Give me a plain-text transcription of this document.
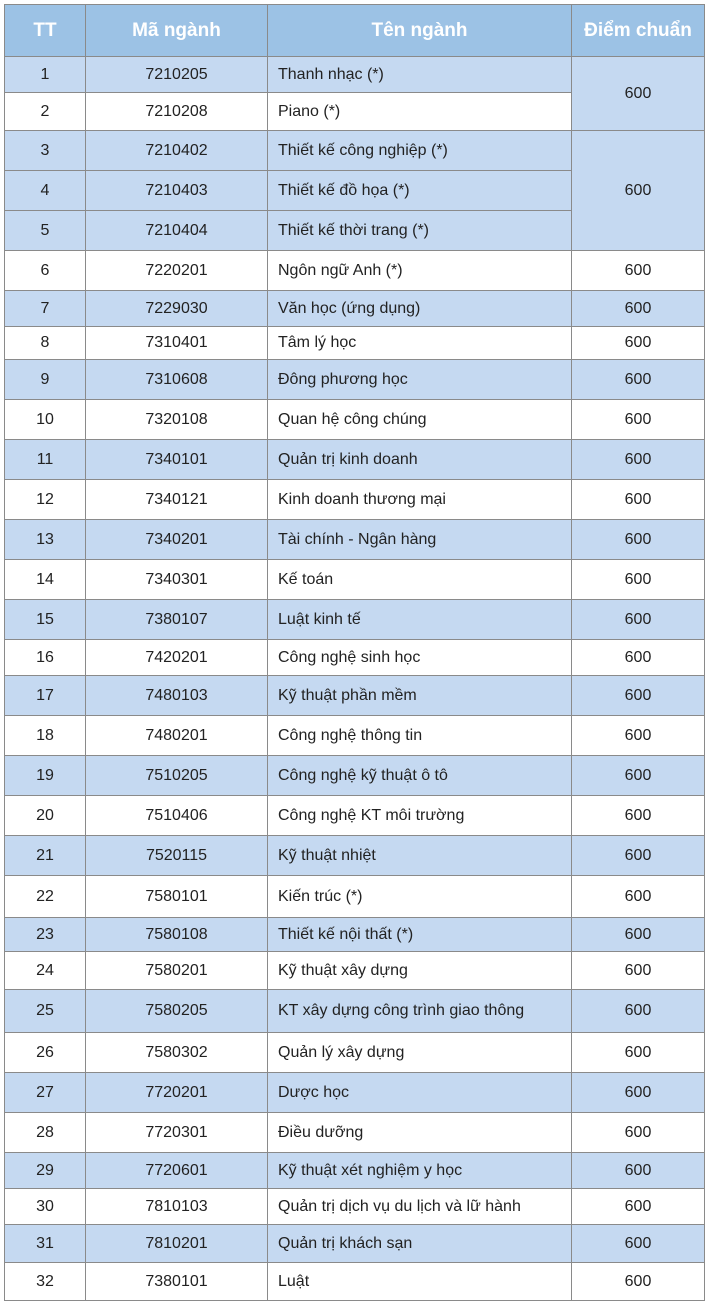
TT	Mã ngành	Tên ngành	Điểm chuẩn
1	7210205	Thanh nhạc (*)	600
2	7210208	Piano (*)	
3	7210402	Thiết kế công nghiệp (*)	600
4	7210403	Thiết kế đồ họa (*)	
5	7210404	Thiết kế thời trang (*)	
6	7220201	Ngôn ngữ Anh (*)	600
7	7229030	Văn học (ứng dụng)	600
8	7310401	Tâm lý học	600
9	7310608	Đông phương học	600
10	7320108	Quan hệ công chúng	600
11	7340101	Quản trị kinh doanh	600
12	7340121	Kinh doanh thương mại	600
13	7340201	Tài chính - Ngân hàng	600
14	7340301	Kế toán	600
15	7380107	Luật kinh tế	600
16	7420201	Công nghệ sinh học	600
17	7480103	Kỹ thuật phần mềm	600
18	7480201	Công nghệ thông tin	600
19	7510205	Công nghệ kỹ thuật ô tô	600
20	7510406	Công nghệ KT môi trường	600
21	7520115	Kỹ thuật nhiệt	600
22	7580101	Kiến trúc (*)	600
23	7580108	Thiết kế nội thất (*)	600
24	7580201	Kỹ thuật xây dựng	600
25	7580205	KT xây dựng công trình giao thông	600
26	7580302	Quản lý xây dựng	600
27	7720201	Dược học	600
28	7720301	Điều dưỡng	600
29	7720601	Kỹ thuật xét nghiệm y học	600
30	7810103	Quản trị dịch vụ du lịch và lữ hành	600
31	7810201	Quản trị khách sạn	600
32	7380101	Luật	600
